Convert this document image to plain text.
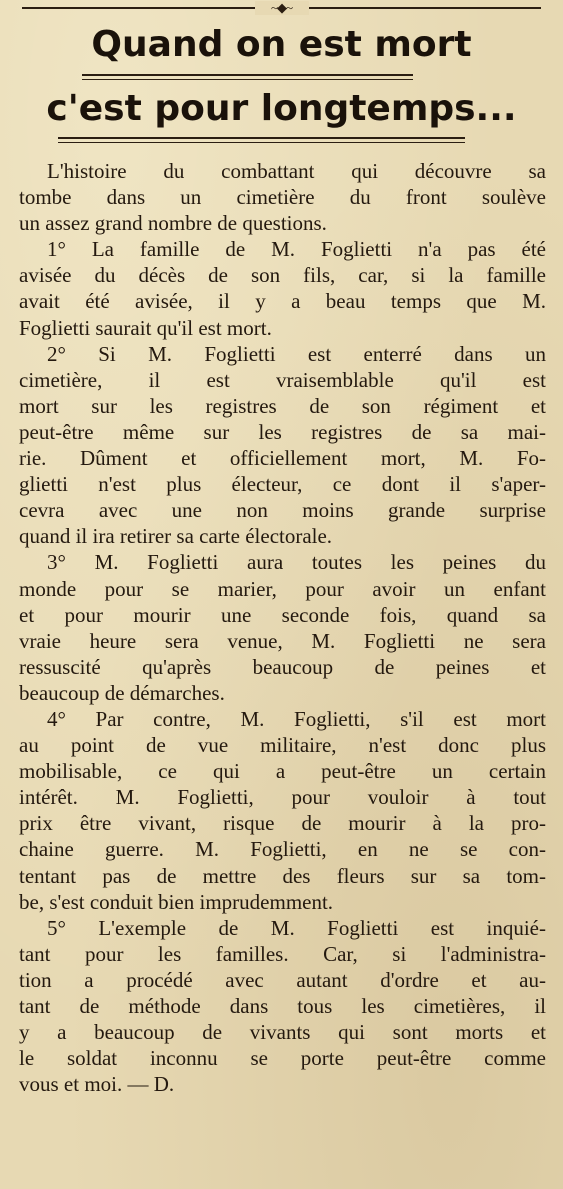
~◆~
Quand on est mort
c'est pour longtemps...
L'histoire du combattant qui découvre sa
tombe dans un cimetière du front soulève
un assez grand nombre de questions.
1° La famille de M. Foglietti n'a pas été
avisée du décès de son fils, car, si la famille
avait été avisée, il y a beau temps que M.
Foglietti saurait qu'il est mort.
2° Si M. Foglietti est enterré dans un
cimetière, il est vraisemblable qu'il est
mort sur les registres de son régiment et
peut-être même sur les registres de sa mai-
rie. Dûment et officiellement mort, M. Fo-
glietti n'est plus électeur, ce dont il s'aper-
cevra avec une non moins grande surprise
quand il ira retirer sa carte électorale.
3° M. Foglietti aura toutes les peines du
monde pour se marier, pour avoir un enfant
et pour mourir une seconde fois, quand sa
vraie heure sera venue, M. Foglietti ne sera
ressuscité qu'après beaucoup de peines et
beaucoup de démarches.
4° Par contre, M. Foglietti, s'il est mort
au point de vue militaire, n'est donc plus
mobilisable, ce qui a peut-être un certain
intérêt. M. Foglietti, pour vouloir à tout
prix être vivant, risque de mourir à la pro-
chaine guerre. M. Foglietti, en ne se con-
tentant pas de mettre des fleurs sur sa tom-
be, s'est conduit bien imprudemment.
5° L'exemple de M. Foglietti est inquié-
tant pour les familles. Car, si l'administra-
tion a procédé avec autant d'ordre et au-
tant de méthode dans tous les cimetières, il
y a beaucoup de vivants qui sont morts et
le soldat inconnu se porte peut-être comme
vous et moi. — D.
